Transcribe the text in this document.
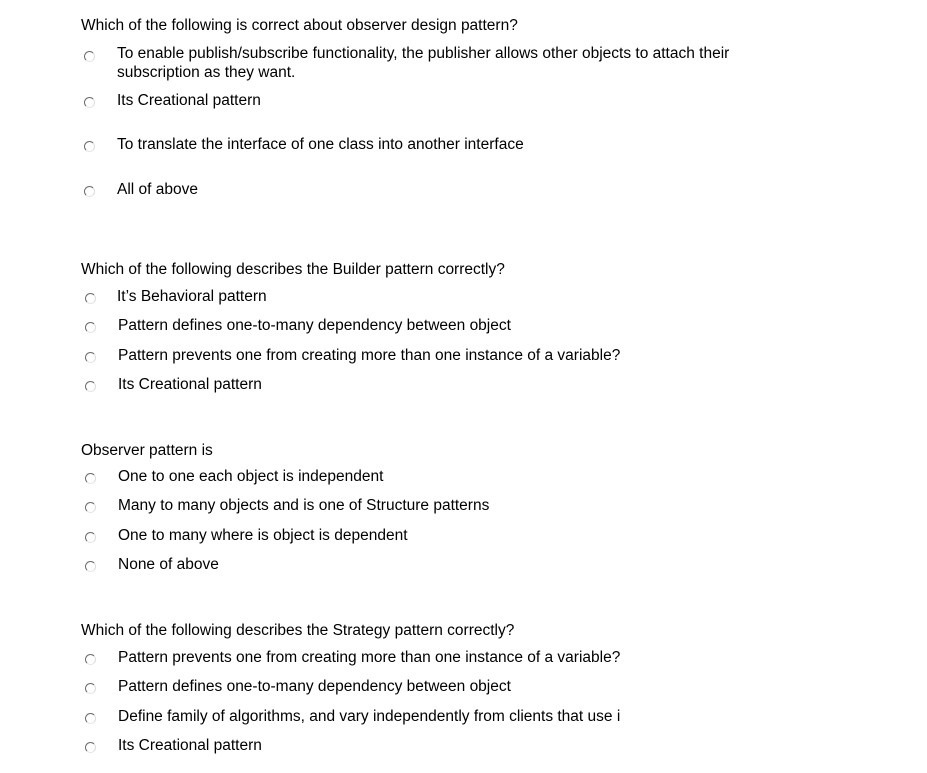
Which of the following is correct about observer design pattern?
To enable publish/subscribe functionality, the publisher allows other objects to attach their subscription as they want.
Its Creational pattern
To translate the interface of one class into another interface
All of above
Which of the following describes the Builder pattern correctly?
It’s Behavioral pattern
Pattern defines one-to-many dependency between object
Pattern prevents one from creating more than one instance of a variable?
Its Creational pattern
Observer pattern is
One to one each object is independent
Many to many objects and is one of Structure patterns
One to many where is object is dependent
None of above
Which of the following describes the Strategy pattern correctly?
Pattern prevents one from creating more than one instance of a variable?
Pattern defines one-to-many dependency between object
Define family of algorithms, and vary independently from clients that use i
Its Creational pattern
